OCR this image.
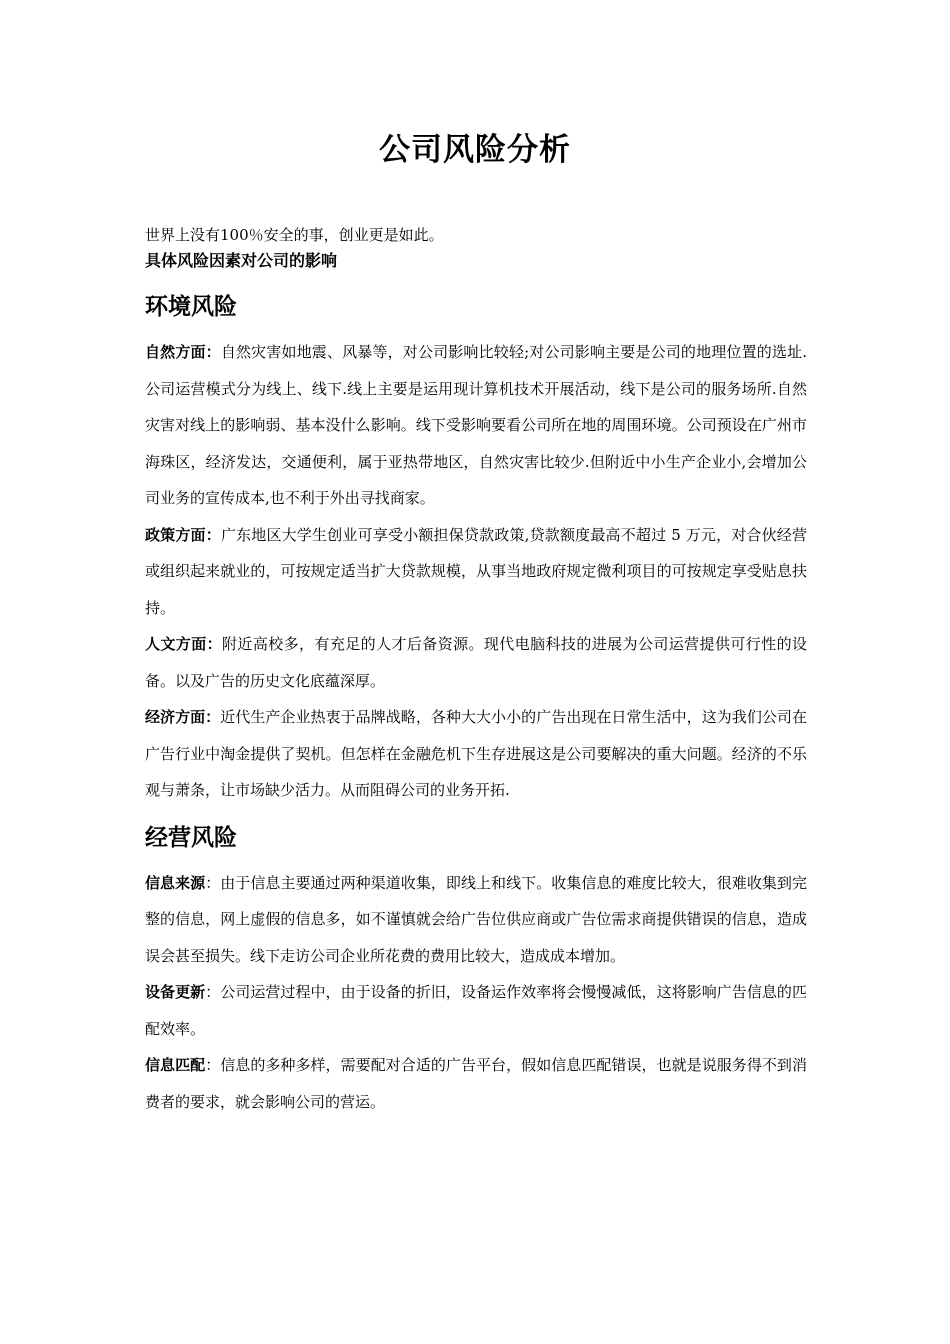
公司风险分析

世界上没有100％安全的事，创业更是如此。

具体风险因素对公司的影响

环境风险

自然方面：自然灾害如地震、风暴等，对公司影响比较轻;对公司影响主要是公司的地理位置的选址.公司运营模式分为线上、线下.线上主要是运用现计算机技术开展活动，线下是公司的服务场所.自然灾害对线上的影响弱、基本没什么影响。线下受影响要看公司所在地的周围环境。公司预设在广州市海珠区，经济发达，交通便利，属于亚热带地区，自然灾害比较少.但附近中小生产企业小,会增加公司业务的宣传成本,也不利于外出寻找商家。

政策方面：广东地区大学生创业可享受小额担保贷款政策,贷款额度最高不超过 5 万元，对合伙经营或组织起来就业的，可按规定适当扩大贷款规模，从事当地政府规定微利项目的可按规定享受贴息扶持。

人文方面：附近高校多，有充足的人才后备资源。现代电脑科技的进展为公司运营提供可行性的设备。以及广告的历史文化底蕴深厚。

经济方面：近代生产企业热衷于品牌战略，各种大大小小的广告出现在日常生活中，这为我们公司在广告行业中淘金提供了契机。但怎样在金融危机下生存进展这是公司要解决的重大问题。经济的不乐观与萧条，让市场缺少活力。从而阻碍公司的业务开拓.

经营风险

信息来源：由于信息主要通过两种渠道收集，即线上和线下。收集信息的难度比较大，很难收集到完整的信息，网上虚假的信息多，如不谨慎就会给广告位供应商或广告位需求商提供错误的信息，造成误会甚至损失。线下走访公司企业所花费的费用比较大，造成成本增加。

设备更新：公司运营过程中，由于设备的折旧，设备运作效率将会慢慢减低，这将影响广告信息的匹配效率。

信息匹配：信息的多种多样，需要配对合适的广告平台，假如信息匹配错误，也就是说服务得不到消费者的要求，就会影响公司的营运。
